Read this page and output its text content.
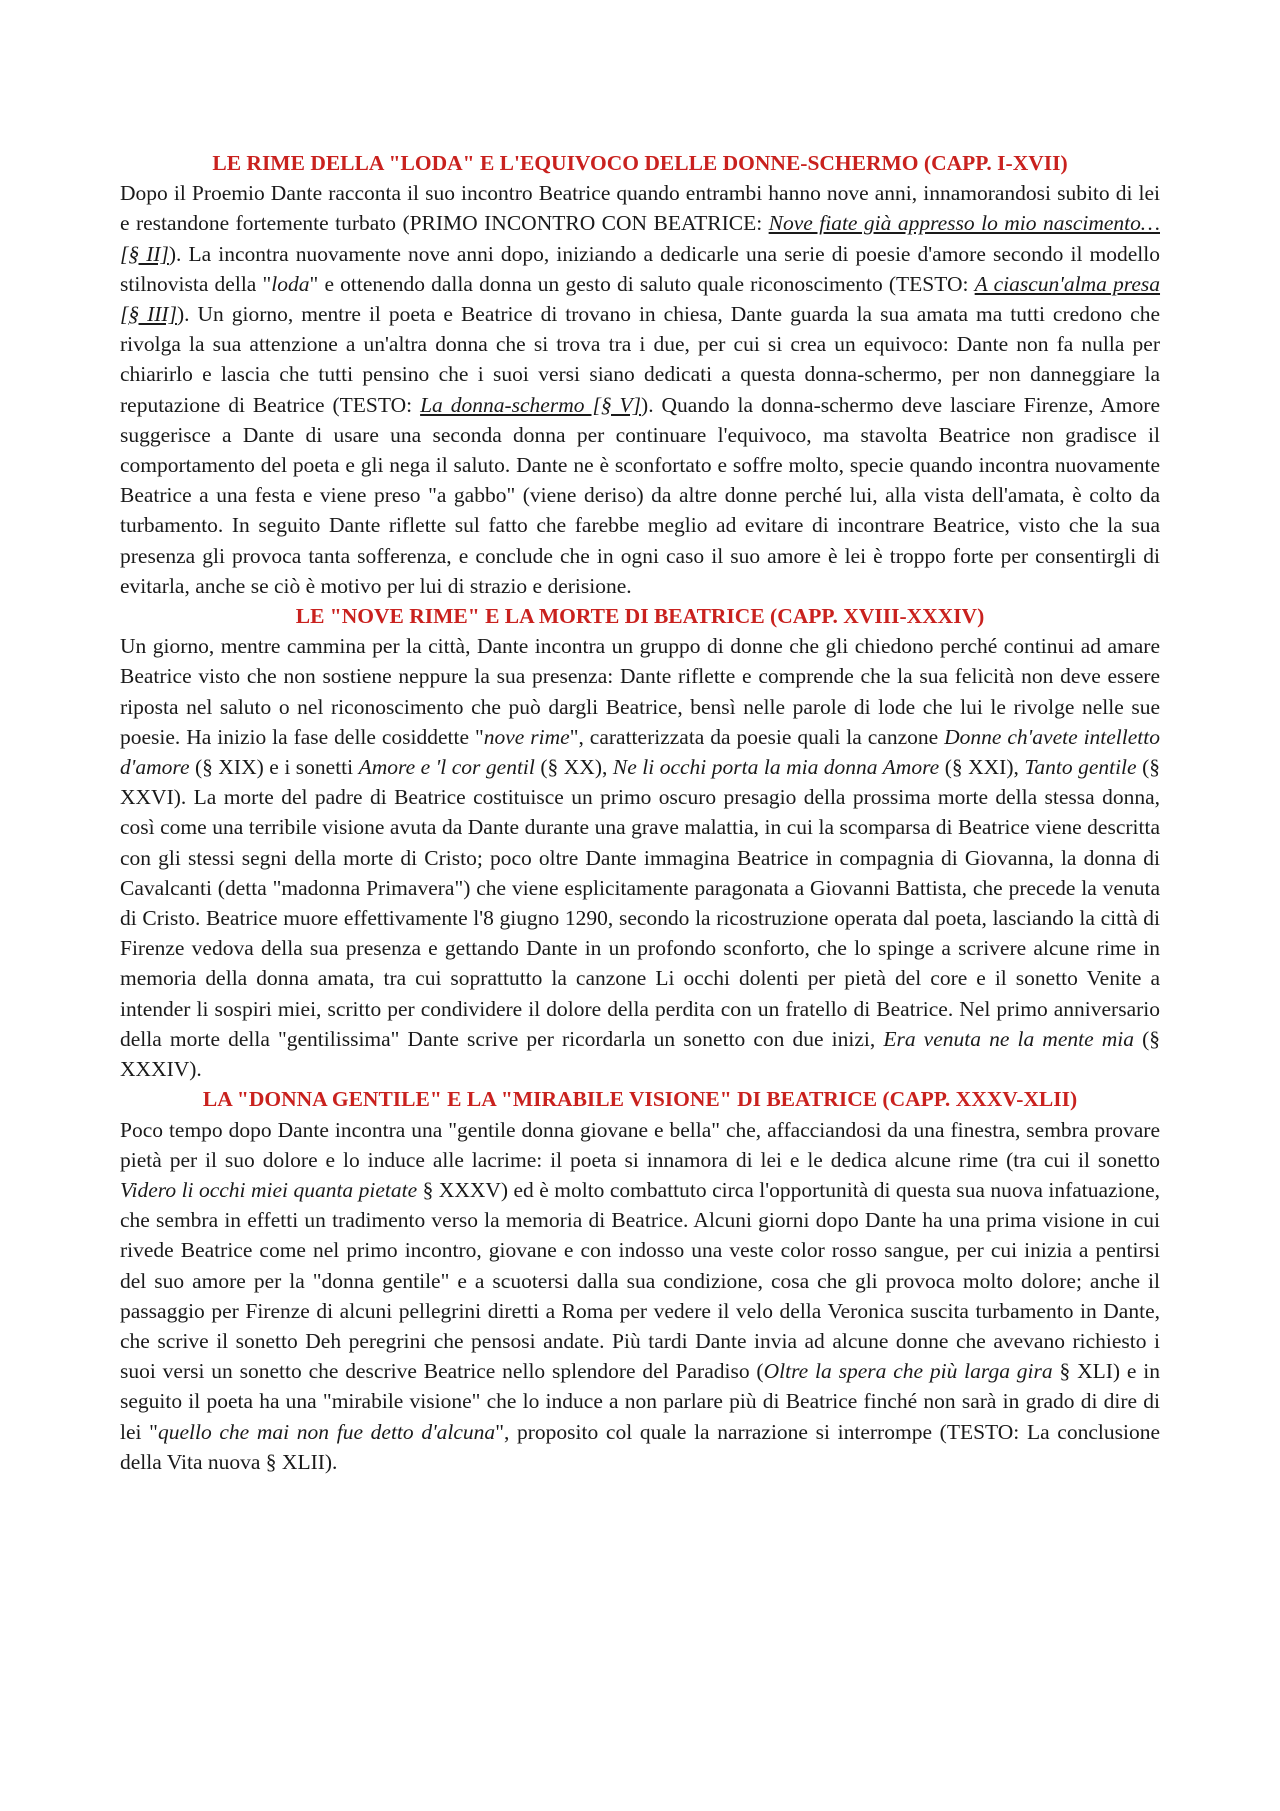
LE RIME DELLA "LODA" E L'EQUIVOCO DELLE DONNE-SCHERMO (CAPP. I-XVII)

Dopo il Proemio Dante racconta il suo incontro Beatrice quando entrambi hanno nove anni, innamorandosi subito di lei e restandone fortemente turbato (PRIMO INCONTRO CON BEATRICE: Nove fiate già appresso lo mio nascimento…[§ II]). La incontra nuovamente nove anni dopo, iniziando a dedicarle una serie di poesie d'amore secondo il modello stilnovista della "loda" e ottenendo dalla donna un gesto di saluto quale riconoscimento (TESTO: A ciascun'alma presa [§ III]). Un giorno, mentre il poeta e Beatrice di trovano in chiesa, Dante guarda la sua amata ma tutti credono che rivolga la sua attenzione a un'altra donna che si trova tra i due, per cui si crea un equivoco: Dante non fa nulla per chiarirlo e lascia che tutti pensino che i suoi versi siano dedicati a questa donna-schermo, per non danneggiare la reputazione di Beatrice (TESTO: La donna-schermo [§ V]). Quando la donna-schermo deve lasciare Firenze, Amore suggerisce a Dante di usare una seconda donna per continuare l'equivoco, ma stavolta Beatrice non gradisce il comportamento del poeta e gli nega il saluto. Dante ne è sconfortato e soffre molto, specie quando incontra nuovamente Beatrice a una festa e viene preso "a gabbo" (viene deriso) da altre donne perché lui, alla vista dell'amata, è colto da turbamento. In seguito Dante riflette sul fatto che farebbe meglio ad evitare di incontrare Beatrice, visto che la sua presenza gli provoca tanta sofferenza, e conclude che in ogni caso il suo amore è lei è troppo forte per consentirgli di evitarla, anche se ciò è motivo per lui di strazio e derisione.

LE "NOVE RIME" E LA MORTE DI BEATRICE (CAPP. XVIII-XXXIV)

Un giorno, mentre cammina per la città, Dante incontra un gruppo di donne che gli chiedono perché continui ad amare Beatrice visto che non sostiene neppure la sua presenza: Dante riflette e comprende che la sua felicità non deve essere riposta nel saluto o nel riconoscimento che può dargli Beatrice, bensì nelle parole di lode che lui le rivolge nelle sue poesie. Ha inizio la fase delle cosiddette "nove rime", caratterizzata da poesie quali la canzone Donne ch'avete intelletto d'amore (§ XIX) e i sonetti Amore e 'l cor gentil (§ XX), Ne li occhi porta la mia donna Amore (§ XXI), Tanto gentile (§ XXVI). La morte del padre di Beatrice costituisce un primo oscuro presagio della prossima morte della stessa donna, così come una terribile visione avuta da Dante durante una grave malattia, in cui la scomparsa di Beatrice viene descritta con gli stessi segni della morte di Cristo; poco oltre Dante immagina Beatrice in compagnia di Giovanna, la donna di Cavalcanti (detta "madonna Primavera") che viene esplicitamente paragonata a Giovanni Battista, che precede la venuta di Cristo. Beatrice muore effettivamente l'8 giugno 1290, secondo la ricostruzione operata dal poeta, lasciando la città di Firenze vedova della sua presenza e gettando Dante in un profondo sconforto, che lo spinge a scrivere alcune rime in memoria della donna amata, tra cui soprattutto la canzone Li occhi dolenti per pietà del core e il sonetto Venite a intender li sospiri miei, scritto per condividere il dolore della perdita con un fratello di Beatrice. Nel primo anniversario della morte della "gentilissima" Dante scrive per ricordarla un sonetto con due inizi, Era venuta ne la mente mia (§ XXXIV).

LA "DONNA GENTILE" E LA "MIRABILE VISIONE" DI BEATRICE (CAPP. XXXV-XLII)

Poco tempo dopo Dante incontra una "gentile donna giovane e bella" che, affacciandosi da una finestra, sembra provare pietà per il suo dolore e lo induce alle lacrime: il poeta si innamora di lei e le dedica alcune rime (tra cui il sonetto Videro li occhi miei quanta pietate § XXXV) ed è molto combattuto circa l'opportunità di questa sua nuova infatuazione, che sembra in effetti un tradimento verso la memoria di Beatrice. Alcuni giorni dopo Dante ha una prima visione in cui rivede Beatrice come nel primo incontro, giovane e con indosso una veste color rosso sangue, per cui inizia a pentirsi del suo amore per la "donna gentile" e a scuotersi dalla sua condizione, cosa che gli provoca molto dolore; anche il passaggio per Firenze di alcuni pellegrini diretti a Roma per vedere il velo della Veronica suscita turbamento in Dante, che scrive il sonetto Deh peregrini che pensosi andate. Più tardi Dante invia ad alcune donne che avevano richiesto i suoi versi un sonetto che descrive Beatrice nello splendore del Paradiso (Oltre la spera che più larga gira § XLI) e in seguito il poeta ha una "mirabile visione" che lo induce a non parlare più di Beatrice finché non sarà in grado di dire di lei "quello che mai non fue detto d'alcuna", proposito col quale la narrazione si interrompe (TESTO: La conclusione della Vita nuova § XLII).
